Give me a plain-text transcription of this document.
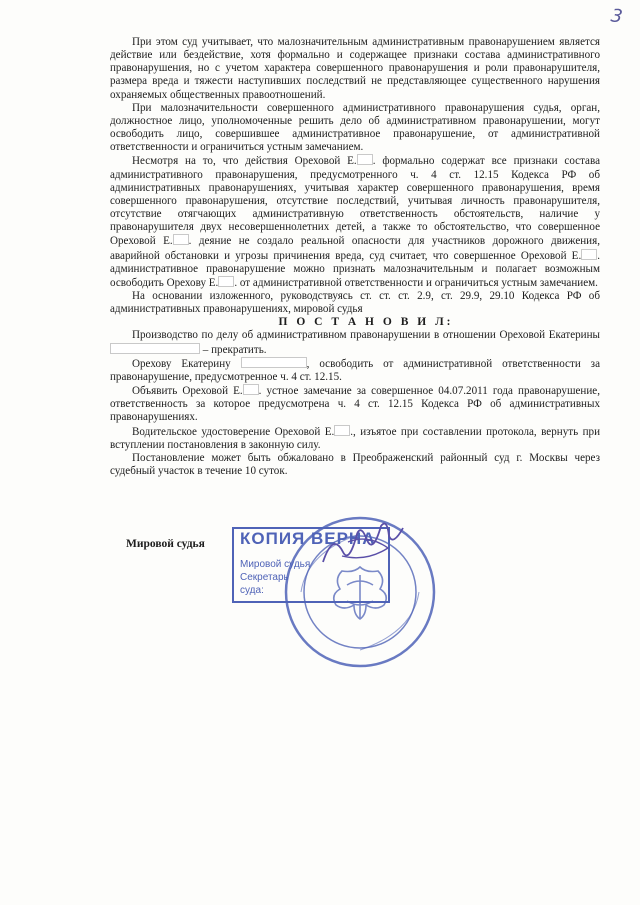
3

При этом суд учитывает, что малозначительным административным правонарушением является действие или бездействие, хотя формально и содержащее признаки состава административного правонарушения, но с учетом характера совершенного правонарушения и роли правонарушителя, размера вреда и тяжести наступивших последствий не представляющее существенного нарушения охраняемых общественных правоотношений.

При малозначительности совершенного административного правонарушения судья, орган, должностное лицо, уполномоченные решить дело об административном правонарушении, могут освободить лицо, совершившее административное правонарушение, от административной ответственности и ограничиться устным замечанием.

Несмотря на то, что действия Ореховой Е. . формально содержат все признаки состава административного правонарушения, предусмотренного ч. 4 ст. 12.15 Кодекса РФ об административных правонарушениях, учитывая характер совершенного правонарушения, время совершенного правонарушения, отсутствие последствий, учитывая личность правонарушителя, отсутствие отягчающих административную ответственность обстоятельств, наличие у правонарушителя двух несовершеннолетних детей, а также то обстоятельство, что совершенное Ореховой Е. . деяние не создало реальной опасности для участников дорожного движения, аварийной обстановки и угрозы причинения вреда, суд считает, что совершенное Ореховой Е. . административное правонарушение можно признать малозначительным и полагает возможным освободить Орехову Е. . от административной ответственности и ограничиться устным замечанием.

На основании изложенного, руководствуясь ст. ст. ст. 2.9, ст. 29.9, 29.10 Кодекса РФ об административных правонарушениях, мировой судья

П О С Т А Н О В И Л:

Производство по делу об административном правонарушении в отношении Ореховой Екатерины  – прекратить.

Орехову Екатерину	, освободить от административной ответственности за правонарушение, предусмотренное ч. 4 ст. 12.15.

Объявить Ореховой Е. . устное замечание за совершенное 04.07.2011 года правонарушение, ответственность за которое предусмотрена ч. 4 ст. 12.15 Кодекса РФ об административных правонарушениях.

Водительское удостоверение Ореховой Е. ., изъятое при составлении протокола, вернуть при вступлении постановления в законную силу.

Постановление может быть обжаловано в Преображенский районный суд г. Москвы через судебный участок в течение 10 суток.

Мировой судья КОПИЯ ВЕРНА
Мировой судья
Секретарь
суда:
